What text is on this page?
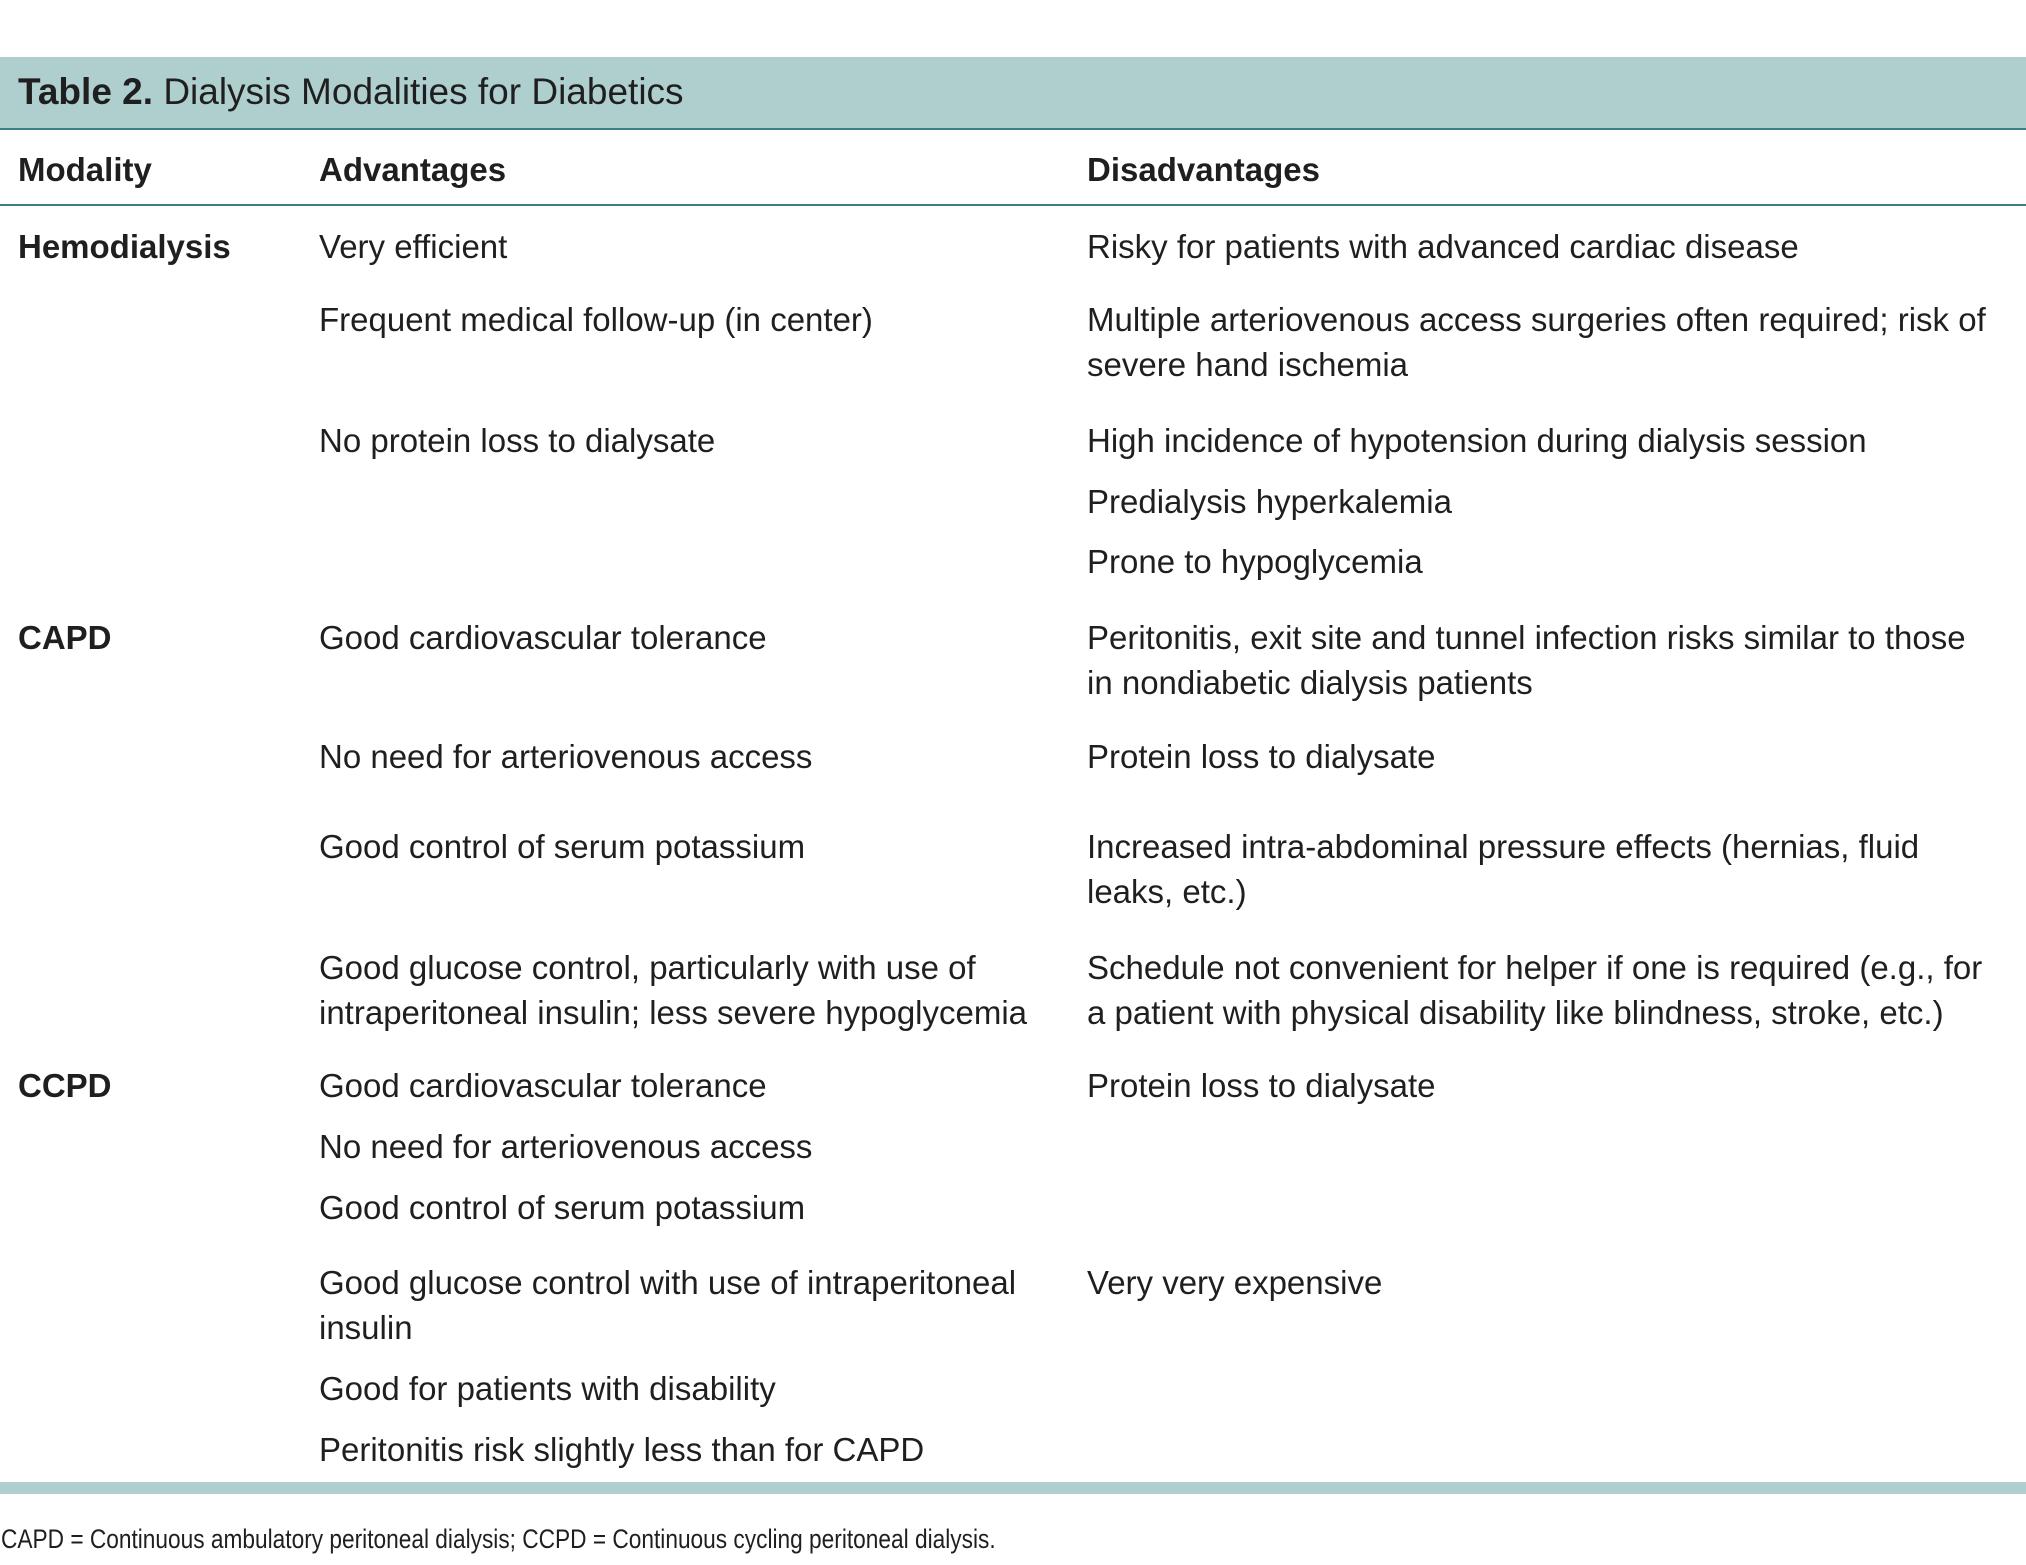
Table 2. Dialysis Modalities for Diabetics
Modality	Advantages	Disadvantages
Hemodialysis
CAPD
CCPD
Very efficient
Frequent medical follow-up (in center)
No protein loss to dialysate
Good cardiovascular tolerance
No need for arteriovenous access
Good control of serum potassium
Good glucose control, particularly with use of
intraperitoneal insulin; less severe hypoglycemia
Good cardiovascular tolerance
No need for arteriovenous access
Good control of serum potassium
Good glucose control with use of intraperitoneal
insulin
Good for patients with disability
Peritonitis risk slightly less than for CAPD
Risky for patients with advanced cardiac disease
Multiple arteriovenous access surgeries often required; risk of
severe hand ischemia
High incidence of hypotension during dialysis session
Predialysis hyperkalemia
Prone to hypoglycemia
Peritonitis, exit site and tunnel infection risks similar to those
in nondiabetic dialysis patients
Protein loss to dialysate
Increased intra-abdominal pressure effects (hernias, fluid
leaks, etc.)
Schedule not convenient for helper if one is required (e.g., for
a patient with physical disability like blindness, stroke, etc.)
Protein loss to dialysate
Very very expensive
CAPD = Continuous ambulatory peritoneal dialysis; CCPD = Continuous cycling peritoneal dialysis.
